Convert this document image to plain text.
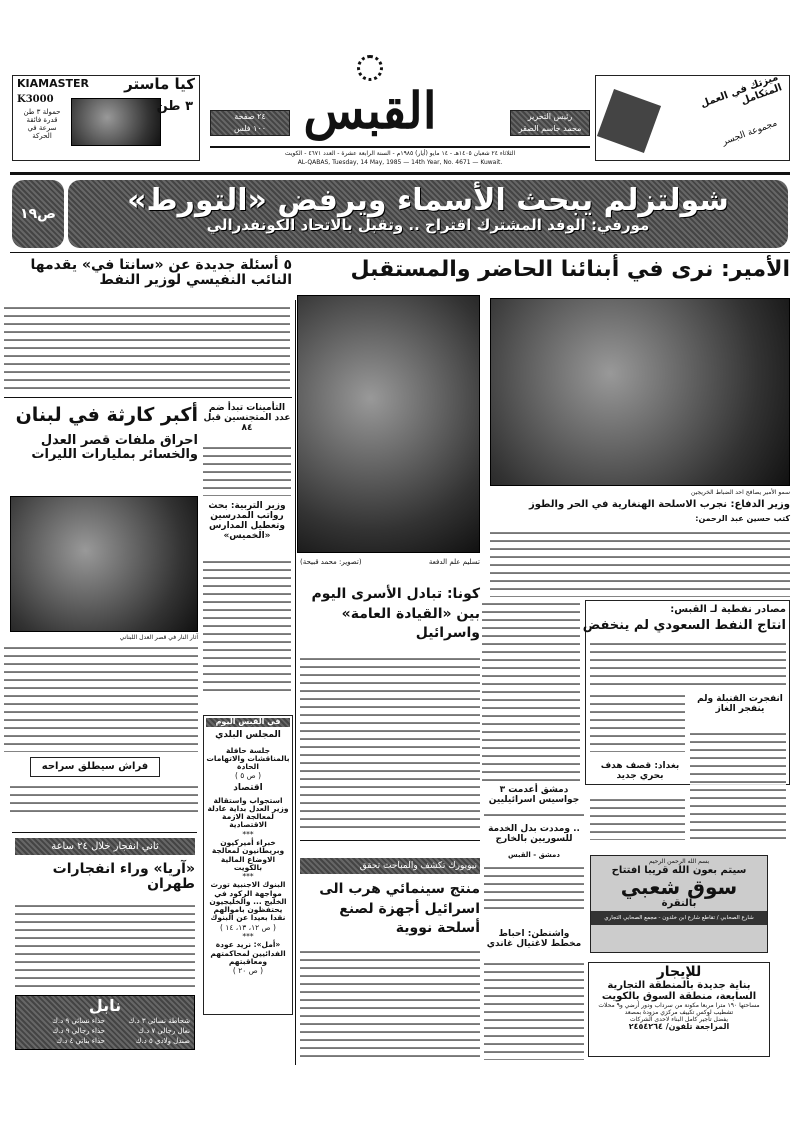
KIAMASTER كيا ماستر
K3000
حمولة ٣ طن قدرة فائقة سرعة في الحركة
٣ طن
٢٤ صفحة
١٠٠ فلس القبس	رئيس التحرير
محمد جاسم الصقر
ميزتك في العمل المتكامل
مجموعة الجسر
الثلاثاء ٢٤ شعبان ١٤٠٥هـ - ١٤ مايو (أيار) ١٩٨٥م - السنة الرابعة عشرة - العدد ٤٦٧١ - الكويت
AL-QABAS, Tuesday, 14 May, 1985 — 14th Year, No. 4671 — Kuwait.
ص١٩	شولتزلم يبحث الأسماء ويرفض «التورط»
مورفي: الوفد المشترك اقتراح .. وتقبل بالاتحاد الكونفدرالي
الأمير: نرى في أبنائنا الحاضر والمستقبل
تسليم علم الدفعة
(تصوير: محمد قبيحة)
سمو الأمير يصافح احد الضباط الخريجين
وزير الدفاع: نجرب الاسلحة الهنغارية في الحر والطوز
كتب حسين عبد الرحمن:
٥ أسئلة جديدة عن «سانتا في» يقدمها النائب النفيسي لوزير النفط
أكبر كارثة في لبنان
احراق ملفات قصر العدل والخسائر بمليارات الليرات
آثار النار في قصر العدل اللبناني
فراش سيطلق سراحه
التأمينات تبدأ ضم عدد المتجنسين قبل ٨٤
وزير التربية: بحث رواتب المدرسين وتعطيل المدارس «الخميس»
في القبس اليوم
المجلس البلدي
جلسة حافلة بالمناقشات والاتهامات الحادة
( ص ٥ )
اقتصاد
استجواب واستقالة وزير العدل بداية عادلة لمعالجة الازمة الاقتصادية
***
خبراء أميركيون وبريطانيون لمعالجة الاوضاع المالية بالكويت
***
البنوك الاجنبية تورث مواجهة الركود في الخليج ... والخليجيون يحتفظون باموالهم نقدا بعيدا عن البنوك
( ص ١٢، ١٣، ١٤ )
***
«أمل»: نريد عودة الفدائيين لمحاكمتهم ومعاقبتهم
( ص ٢٠ )
كونا: تبادل الأسرى اليوم بين «القيادة العامة» واسرائيل
مصادر نفطية لـ القبس:
انتاج النفط السعودي لم ينخفض
انفجرت القنبلة ولم ينفجر الغاز
بغداد: قصف هدف بحري جديد
دمشق أعدمت ٣ جواسيس اسرائيليين
.. ومددت بدل الخدمة للسوريين بالخارج
دمشق - القبس
واشنطن: احباط مخطط لاغتيال غاندي
ثاني انفجار خلال ٢٤ ساعة
«آريا» وراء انفجارات طهران
نابل
شحاطة نسائي ٣ د.ك
حذاء نسائي ٩ د.ك
نعال رجالي ٧ د.ك
حذاء رجالي ٩ د.ك
صندل ولادي ٥ د.ك
حذاء بناتي ٤ د.ك
نيويورك تكشف والمباحث تحقق
منتج سينمائي هرب الى اسرائيل أجهزة لصنع أسلحة نووية
بسم الله الرحمن الرحيم
سيتم بعون الله قريبا افتتاح
سوق شعبي
بالنقرة
شارع الصحابي / تقاطع شارع ابن خلدون - مجمع الصحابي التجاري
للإيجار
بناية جديدة بالمنطقة التجارية
السابعة، منطقة السوق بالكويت
مساحتها ١٩٠ مترا مربعا مكونة من سرداب ودور أرضي و٩ محلات تشطيب لوكس تكييف مركزي مزودة بمصعد
يفضل تأجير كامل البناء لاحدى الشركات
المراجعة تلفون/ ٢٤٥٤٢٦٤
